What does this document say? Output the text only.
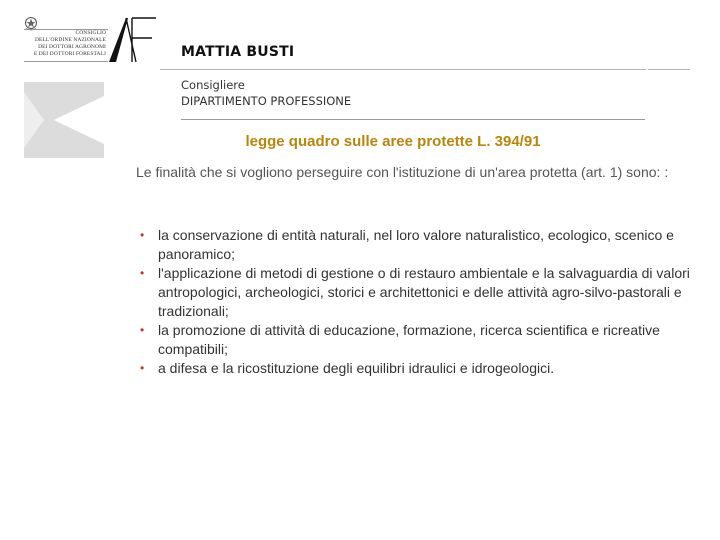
CONSIGLIO
DELL'ORDINE NAZIONALE
DEI DOTTORI AGRONOMI
E DEI DOTTORI FORESTALI
AF
MATTIA BUSTI
Consigliere
DIPARTIMENTO PROFESSIONE
legge quadro sulle aree protette L. 394/91
Le finalità che si vogliono perseguire con l'istituzione di un'area protetta (art. 1) sono: :
• la conservazione di entità naturali, nel loro valore naturalistico, ecologico, scenico e panoramico;
• l'applicazione di metodi di gestione o di restauro ambientale e la salvaguardia di valori antropologici, archeologici, storici e architettonici e delle attività agro-silvo-pastorali e tradizionali;
• la promozione di attività di educazione, formazione, ricerca scientifica e ricreative compatibili;
• a difesa e la ricostituzione degli equilibri idraulici e idrogeologici.
